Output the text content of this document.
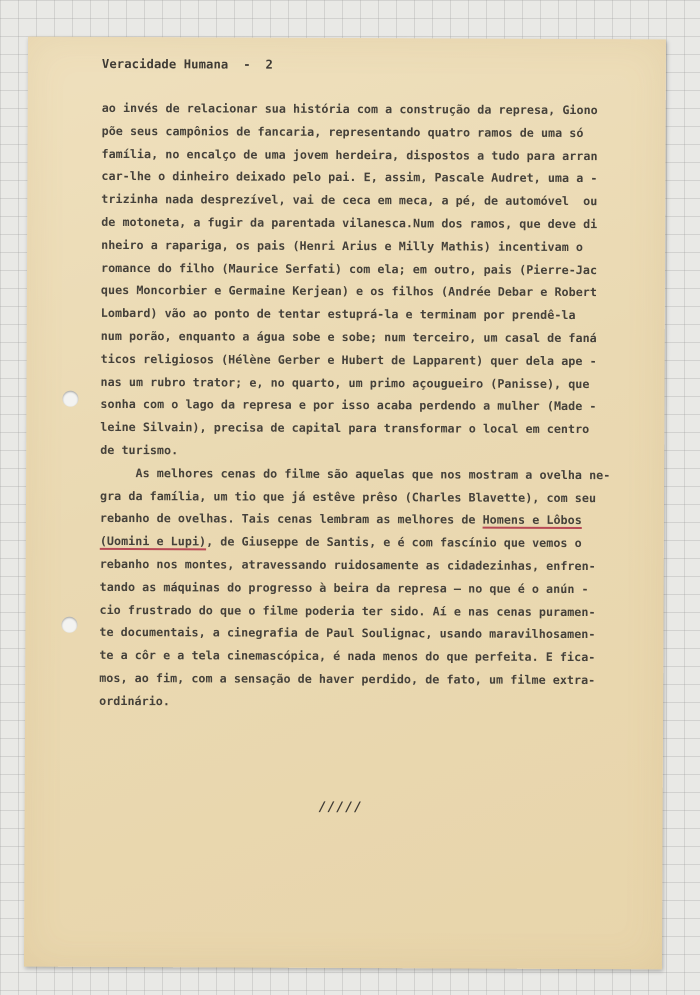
Veracidade Humana - 2
ao invés de relacionar sua história com a construção da represa, Giono
põe seus campônios de fancaria, representando quatro ramos de uma só
família, no encalço de uma jovem herdeira, dispostos a tudo para arran
car-lhe o dinheiro deixado pelo pai. E, assim, Pascale Audret, uma a -
trizinha nada desprezível, vai de ceca em meca, a pé, de automóvel  ou
de motoneta, a fugir da parentada vilanesca.Num dos ramos, que deve di
nheiro a rapariga, os pais (Henri Arius e Milly Mathis) incentivam o
romance do filho (Maurice Serfati) com ela; em outro, pais (Pierre-Jac
ques Moncorbier e Germaine Kerjean) e os filhos (Andrée Debar e Robert
Lombard) vão ao ponto de tentar estuprá-la e terminam por prendê-la
num porão, enquanto a água sobe e sobe; num terceiro, um casal de faná
ticos religiosos (Hélène Gerber e Hubert de Lapparent) quer dela ape -
nas um rubro trator; e, no quarto, um primo açougueiro (Panisse), que
sonha com o lago da represa e por isso acaba perdendo a mulher (Made -
leine Silvain), precisa de capital para transformar o local em centro
de turismo.
As melhores cenas do filme são aquelas que nos mostram a ovelha ne-
gra da família, um tio que já estêve prêso (Charles Blavette), com seu
rebanho de ovelhas. Tais cenas lembram as melhores de Homens e Lôbos
(Uomini e Lupi), de Giuseppe de Santis, e é com fascínio que vemos o
rebanho nos montes, atravessando ruidosamente as cidadezinhas, enfren-
tando as máquinas do progresso à beira da represa — no que é o anún -
cio frustrado do que o filme poderia ter sido. Aí e nas cenas puramen-
te documentais, a cinegrafia de Paul Soulignac, usando maravilhosamen-
te a côr e a tela cinemascópica, é nada menos do que perfeita. E fica-
mos, ao fim, com a sensação de haver perdido, de fato, um filme extra-
ordinário.
/////
